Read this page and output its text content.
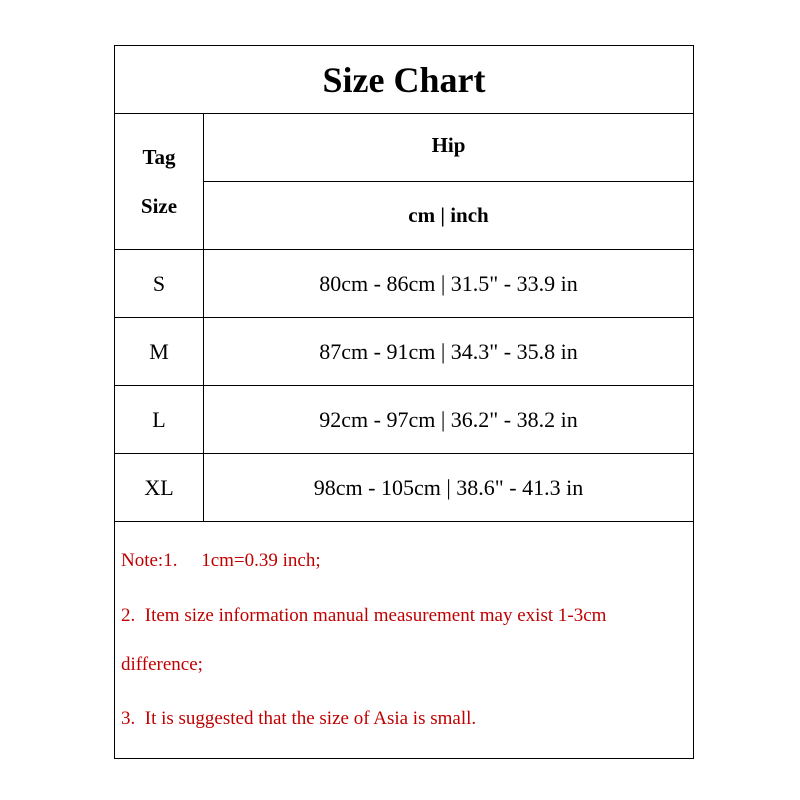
Size Chart
Tag
Size
Hip
cm | inch
S	80cm - 86cm | 31.5" - 33.9 in
M	87cm - 91cm | 34.3" - 35.8 in
L	92cm - 97cm | 36.2" - 38.2 in
XL	98cm - 105cm | 38.6" - 41.3 in
Note:1.     1cm=0.39 inch;
2.  Item size information manual measurement may exist 1-3cm
difference;
3.  It is suggested that the size of Asia is small.
